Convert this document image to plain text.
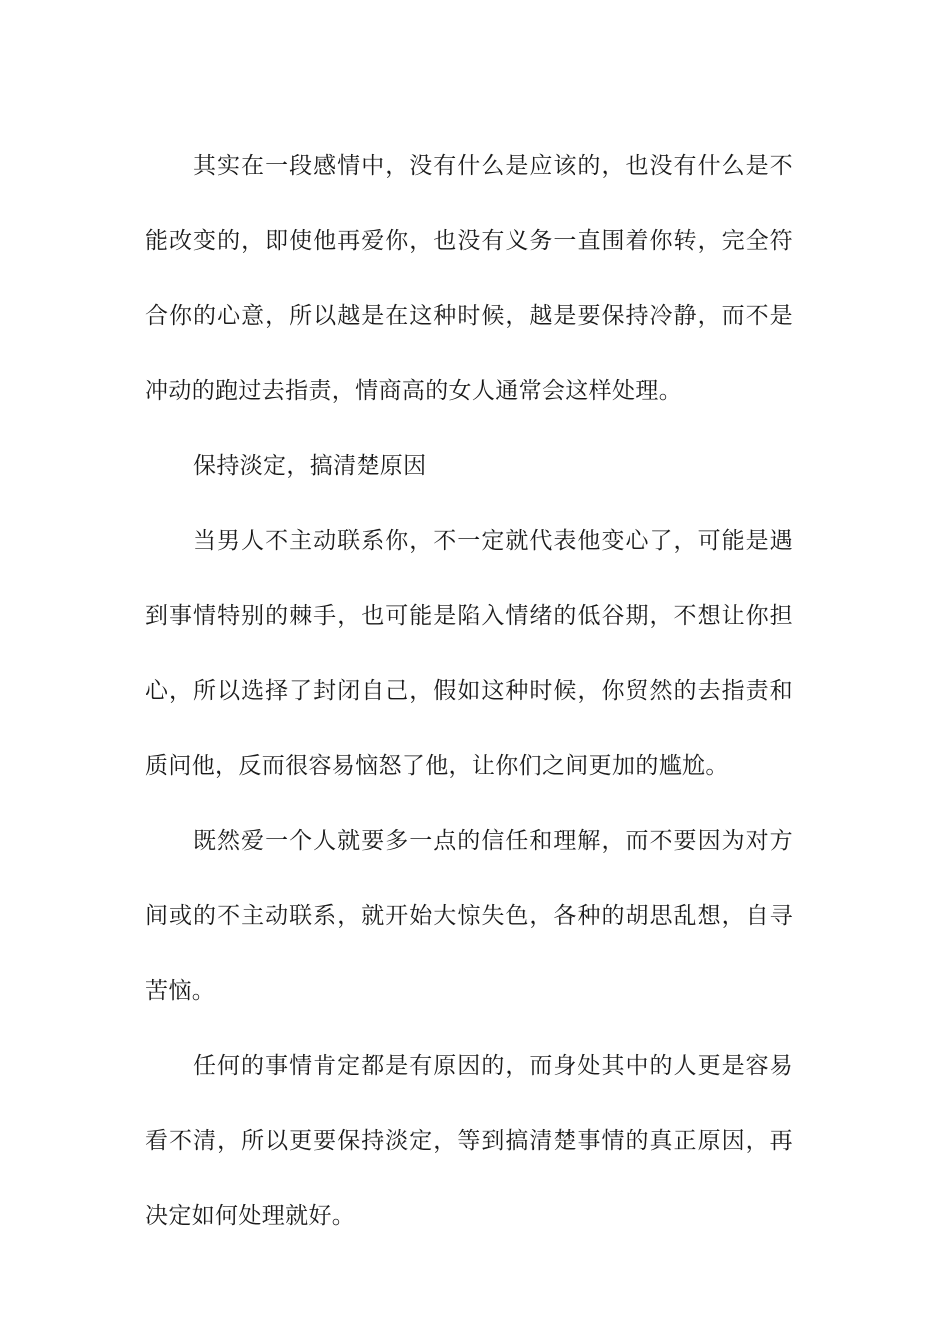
其实在一段感情中，没有什么是应该的，也没有什么是不能改变的，即使他再爱你，也没有义务一直围着你转，完全符合你的心意，所以越是在这种时候，越是要保持冷静，而不是冲动的跑过去指责，情商高的女人通常会这样处理。

保持淡定，搞清楚原因

当男人不主动联系你，不一定就代表他变心了，可能是遇到事情特别的棘手，也可能是陷入情绪的低谷期，不想让你担心，所以选择了封闭自己，假如这种时候，你贸然的去指责和质问他，反而很容易恼怒了他，让你们之间更加的尴尬。

既然爱一个人就要多一点的信任和理解，而不要因为对方间或的不主动联系，就开始大惊失色，各种的胡思乱想，自寻苦恼。

任何的事情肯定都是有原因的，而身处其中的人更是容易看不清，所以更要保持淡定，等到搞清楚事情的真正原因，再决定如何处理就好。
